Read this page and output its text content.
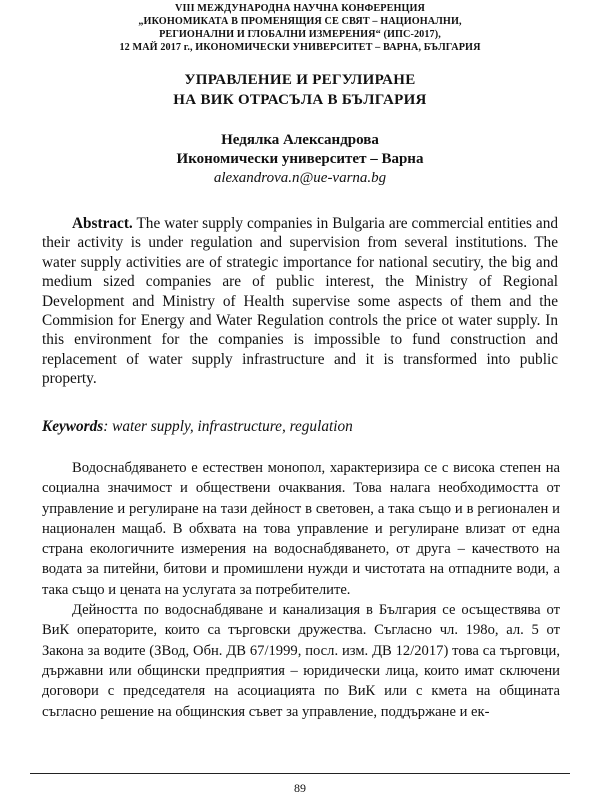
VIII МЕЖДУНАРОДНА НАУЧНА КОНФЕРЕНЦИЯ
„ИКОНОМИКАТА В ПРОМЕНЯЩИЯ СЕ СВЯТ – НАЦИОНАЛНИ,
РЕГИОНАЛНИ И ГЛОБАЛНИ ИЗМЕРЕНИЯ“ (ИПС-2017),
12 МАЙ 2017 г., ИКОНОМИЧЕСКИ УНИВЕРСИТЕТ – ВАРНА, БЪЛГАРИЯ
УПРАВЛЕНИЕ И РЕГУЛИРАНЕ
НА ВИК ОТРАСЪЛА В БЪЛГАРИЯ
Недялка Александрова
Икономически университет – Варна
alexandrova.n@ue-varna.bg
Abstract. The water supply companies in Bulgaria are commercial entities and their activity is under regulation and supervision from several institutions. The water supply activities are of strategic importance for national secutiry, the big and medium sized companies are of public interest, the Ministry of Regional Development and Ministry of Health supervise some aspects of them and the Commision for Energy and Water Regulation controls the price ot water supply. In this environment for the companies is impossible to fund construction and replacement of water supply infrastructure and it is transformed into public property.
Keywords: water supply, infrastructure, regulation

Водоснабдяването е естествен монопол, характеризира се с висока степен на социална значимост и обществени очаквания. Това налага необходимостта от управление и регулиране на тази дейност в световен, а така също и в регионален и национален мащаб. В обхвата на това управление и регулиране влизат от една страна екологичните измерения на водоснабдяването, от друга – качеството на водата за питейни, битови и промишлени нужди и чистотата на отпадните води, а така също и цената на услугата за потребителите.

Дейността по водоснабдяване и канализация в България се осъществява от ВиК операторите, които са търговски дружества. Съгласно чл. 198о, ал. 5 от Закона за водите (ЗВод, Обн. ДВ 67/1999, посл. изм. ДВ 12/2017) това са търговци, държавни или общински предприятия – юридически лица, които имат сключени договори с председателя на асоциацията по ВиК или с кмета на общината съгласно решение на общинския съвет за управление, поддържане и ек-

89
